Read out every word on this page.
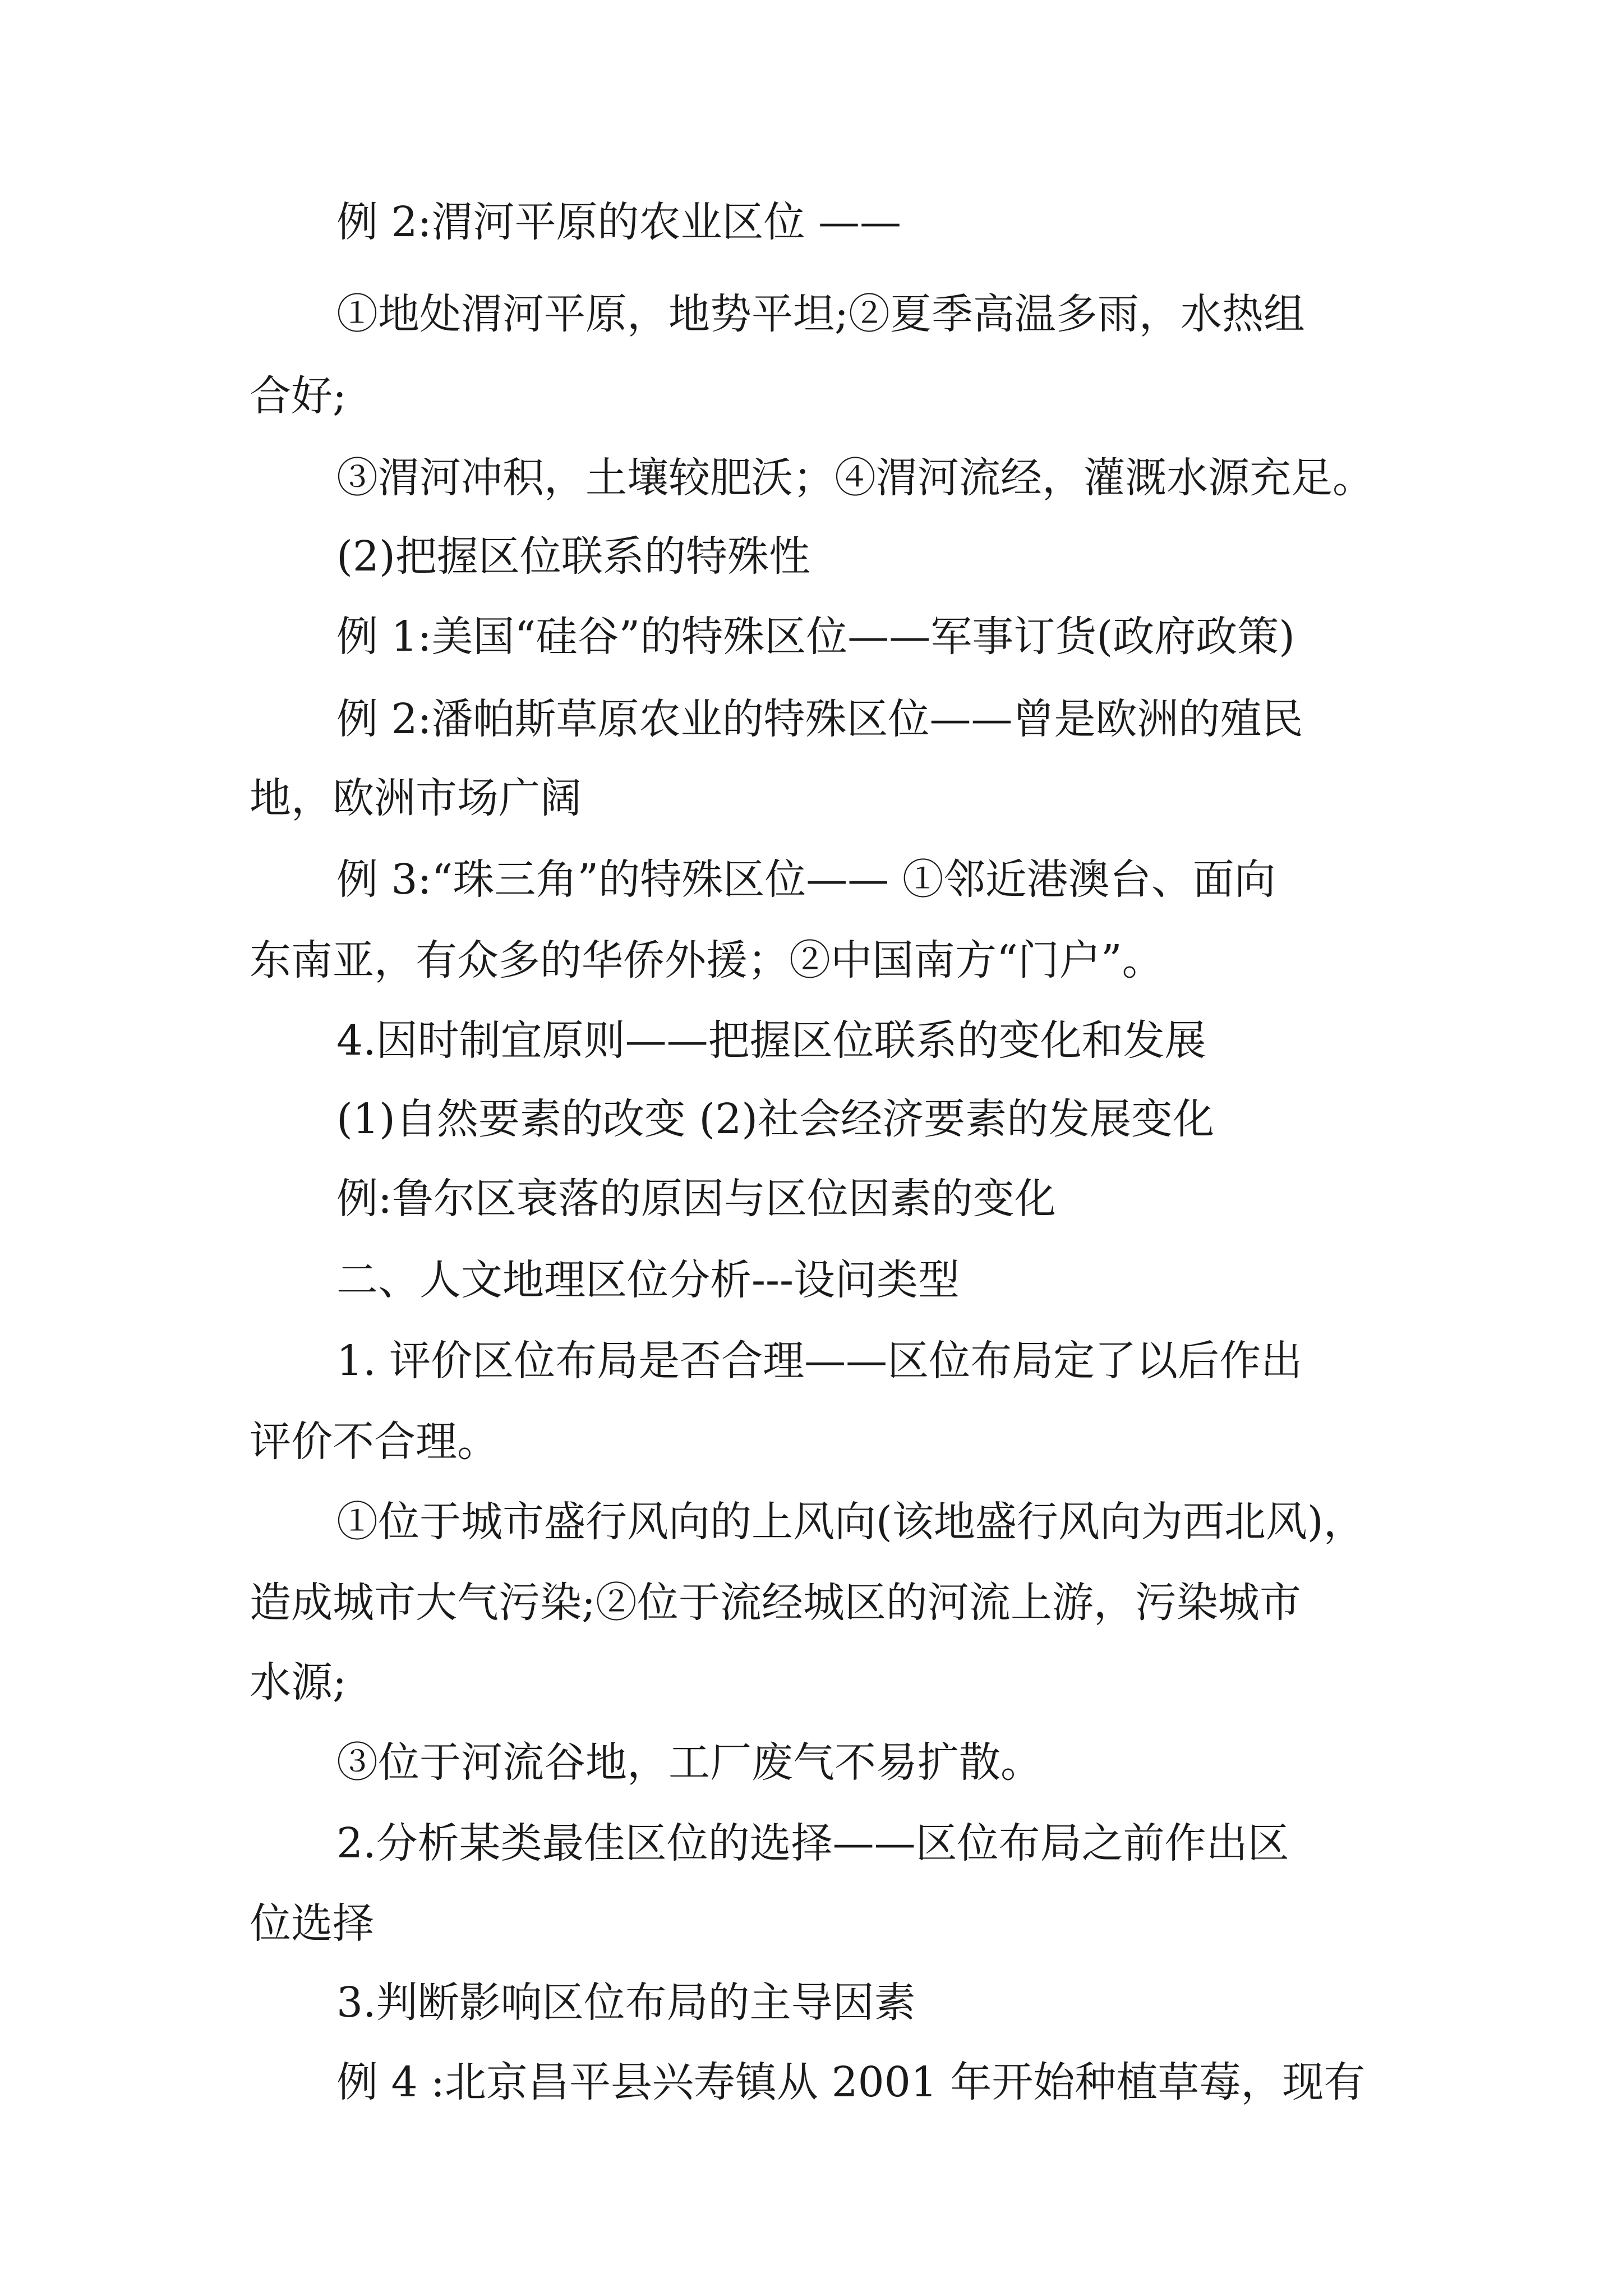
例 2:渭河平原的农业区位 ——
①地处渭河平原，地势平坦;②夏季高温多雨，水热组
合好;
③渭河冲积，土壤较肥沃；④渭河流经，灌溉水源充足。
(2)把握区位联系的特殊性
例 1:美国“硅谷”的特殊区位——军事订货(政府政策)
例 2:潘帕斯草原农业的特殊区位——曾是欧洲的殖民
地，欧洲市场广阔
例 3:“珠三角”的特殊区位—— ①邻近港澳台、面向
东南亚，有众多的华侨外援；②中国南方“门户”。
4.因时制宜原则——把握区位联系的变化和发展
(1)自然要素的改变 (2)社会经济要素的发展变化
例:鲁尔区衰落的原因与区位因素的变化
二、人文地理区位分析---设问类型
1. 评价区位布局是否合理——区位布局定了以后作出
评价不合理。
①位于城市盛行风向的上风向(该地盛行风向为西北风)，
造成城市大气污染;②位于流经城区的河流上游，污染城市
水源;
③位于河流谷地，工厂废气不易扩散。
2.分析某类最佳区位的选择——区位布局之前作出区
位选择
3.判断影响区位布局的主导因素
例 4 :北京昌平县兴寿镇从 2001 年开始种植草莓，现有
